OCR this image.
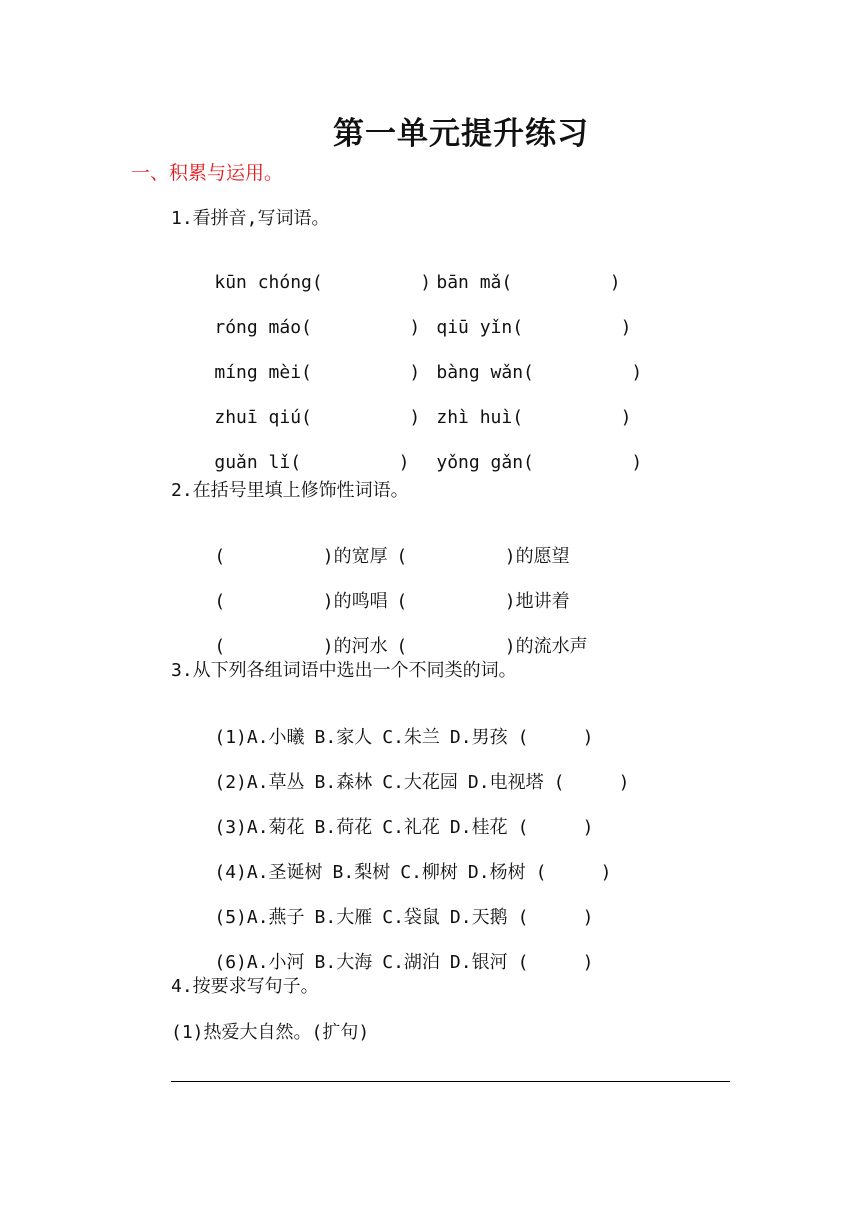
第一单元提升练习
一、积累与运用。
1.看拼音,写词语。

kūn chóng(         ) bān mǎ(         )

róng máo(         ) qiū yǐn(         )

míng mèi(         ) bàng wǎn(         )

zhuī qiú(         ) zhì huì(         )

guǎn lǐ(         ) yǒng gǎn(         )

2.在括号里填上修饰性词语。

(         )的宽厚 (         )的愿望

(         )的鸣唱 (         )地讲着

(         )的河水 (         )的流水声

3.从下列各组词语中选出一个不同类的词。

(1)A.小曦 B.家人 C.朱兰 D.男孩 (     )

(2)A.草丛 B.森林 C.大花园 D.电视塔 (     )

(3)A.菊花 B.荷花 C.礼花 D.桂花 (     )

(4)A.圣诞树 B.梨树 C.柳树 D.杨树 (     )

(5)A.燕子 B.大雁 C.袋鼠 D.天鹅 (     )

(6)A.小河 B.大海 C.湖泊 D.银河 (     )

4.按要求写句子。
(1)热爱大自然。(扩句)
